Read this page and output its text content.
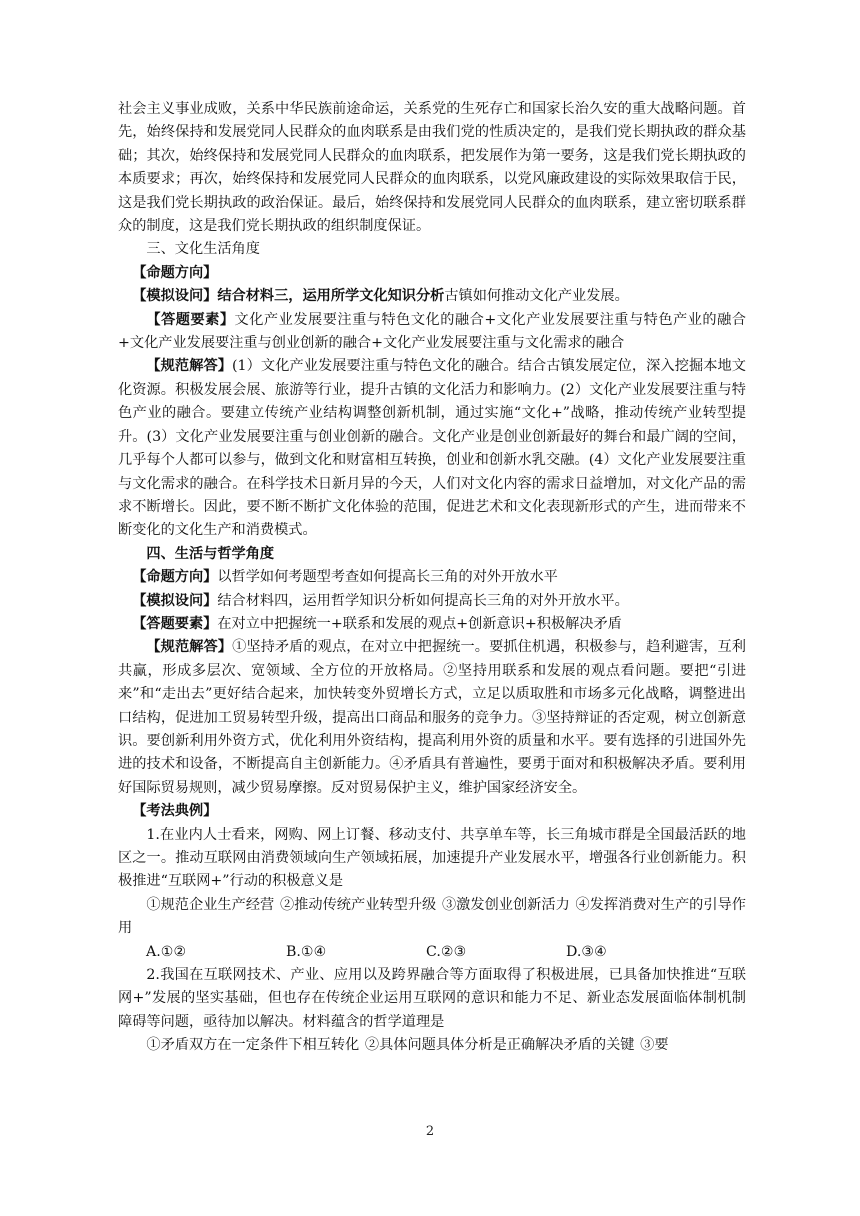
社会主义事业成败，关系中华民族前途命运，关系党的生死存亡和国家长治久安的重大战略问题。首先，始终保持和发展党同人民群众的血肉联系是由我们党的性质决定的，是我们党长期执政的群众基础；其次，始终保持和发展党同人民群众的血肉联系，把发展作为第一要务，这是我们党长期执政的本质要求；再次，始终保持和发展党同人民群众的血肉联系，以党风廉政建设的实际效果取信于民，这是我们党长期执政的政治保证。最后，始终保持和发展党同人民群众的血肉联系，建立密切联系群众的制度，这是我们党长期执政的组织制度保证。

三、文化生活角度

【命题方向】

【模拟设问】结合材料三，运用所学文化知识分析古镇如何推动文化产业发展。

【答题要素】文化产业发展要注重与特色文化的融合+文化产业发展要注重与特色产业的融合+文化产业发展要注重与创业创新的融合+文化产业发展要注重与文化需求的融合

【规范解答】(1）文化产业发展要注重与特色文化的融合。结合古镇发展定位，深入挖掘本地文化资源。积极发展会展、旅游等行业，提升古镇的文化活力和影响力。(2）文化产业发展要注重与特色产业的融合。要建立传统产业结构调整创新机制，通过实施“文化+”战略，推动传统产业转型提升。(3）文化产业发展要注重与创业创新的融合。文化产业是创业创新最好的舞台和最广阔的空间，几乎每个人都可以参与，做到文化和财富相互转换，创业和创新水乳交融。(4）文化产业发展要注重与文化需求的融合。在科学技术日新月异的今天，人们对文化内容的需求日益增加，对文化产品的需求不断增长。因此，要不断不断扩文化体验的范围，促进艺术和文化表现新形式的产生，进而带来不断变化的文化生产和消费模式。

四、生活与哲学角度

【命题方向】以哲学如何考题型考查如何提高长三角的对外开放水平

【模拟设问】结合材料四，运用哲学知识分析如何提高长三角的对外开放水平。

【答题要素】在对立中把握统一+联系和发展的观点+创新意识+积极解决矛盾

【规范解答】①坚持矛盾的观点，在对立中把握统一。要抓住机遇，积极参与，趋利避害，互利共赢，形成多层次、宽领域、全方位的开放格局。②坚持用联系和发展的观点看问题。要把“引进来”和“走出去”更好结合起来，加快转变外贸增长方式，立足以质取胜和市场多元化战略，调整进出口结构，促进加工贸易转型升级，提高出口商品和服务的竞争力。③坚持辩证的否定观，树立创新意识。要创新利用外资方式，优化利用外资结构，提高利用外资的质量和水平。要有选择的引进国外先进的技术和设备，不断提高自主创新能力。④矛盾具有普遍性，要勇于面对和积极解决矛盾。要利用好国际贸易规则，减少贸易摩擦。反对贸易保护主义，维护国家经济安全。

【考法典例】

1.在业内人士看来，网购、网上订餐、移动支付、共享单车等，长三角城市群是全国最活跃的地区之一。推动互联网由消费领域向生产领域拓展，加速提升产业发展水平，增强各行业创新能力。积极推进“互联网+”行动的积极意义是

①规范企业生产经营 ②推动传统产业转型升级 ③激发创业创新活力 ④发挥消费对生产的引导作用

A.①②	B.①④	C.②③	D.③④

2.我国在互联网技术、产业、应用以及跨界融合等方面取得了积极进展，已具备加快推进“互联网+”发展的坚实基础，但也存在传统企业运用互联网的意识和能力不足、新业态发展面临体制机制障碍等问题，亟待加以解决。材料蕴含的哲学道理是

①矛盾双方在一定条件下相互转化 ②具体问题具体分析是正确解决矛盾的关键 ③要

2
